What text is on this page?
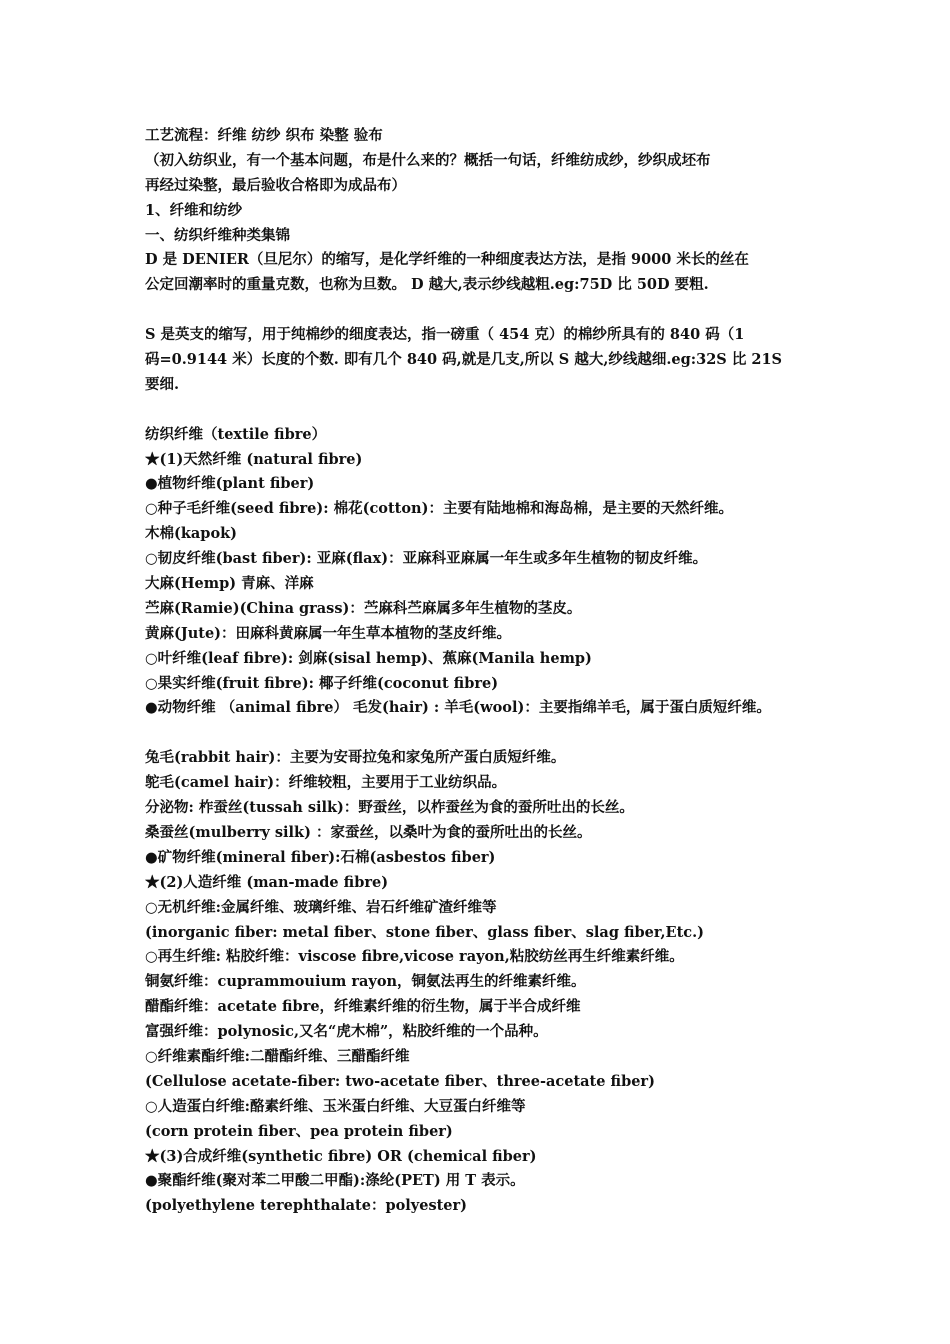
工艺流程：纤维 纺纱 织布 染整 验布
（初入纺织业，有一个基本问题，布是什么来的？概括一句话，纤维纺成纱，纱织成坯布
再经过染整，最后验收合格即为成品布）
1、纤维和纺纱
一、纺织纤维种类集锦
D 是 DENIER（旦尼尔）的缩写，是化学纤维的一种细度表达方法，是指 9000 米长的丝在
公定回潮率时的重量克数，也称为旦数。 D 越大,表示纱线越粗.eg:75D 比 50D 要粗.
S 是英支的缩写，用于纯棉纱的细度表达，指一磅重（ 454 克）的棉纱所具有的 840 码（1
码=0.9144 米）长度的个数. 即有几个 840 码,就是几支,所以 S 越大,纱线越细.eg:32S 比 21S
要细.
纺织纤维（textile fibre）
★(1)天然纤维 (natural fibre)
●植物纤维(plant fiber)
○种子毛纤维(seed fibre): 棉花(cotton)：主要有陆地棉和海岛棉，是主要的天然纤维。
木棉(kapok)
○韧皮纤维(bast fiber): 亚麻(flax)：亚麻科亚麻属一年生或多年生植物的韧皮纤维。
大麻(Hemp) 青麻、洋麻
苎麻(Ramie)(China grass)：苎麻科苎麻属多年生植物的茎皮。
黄麻(Jute)：田麻科黄麻属一年生草本植物的茎皮纤维。
○叶纤维(leaf fibre): 剑麻(sisal hemp)、蕉麻(Manila hemp)
○果实纤维(fruit fibre): 椰子纤维(coconut fibre)
●动物纤维 （animal fibre） 毛发(hair) : 羊毛(wool)：主要指绵羊毛，属于蛋白质短纤维。
兔毛(rabbit hair)：主要为安哥拉兔和家兔所产蛋白质短纤维。
鸵毛(camel hair)：纤维较粗，主要用于工业纺织品。
分泌物: 柞蚕丝(tussah silk)：野蚕丝，以柞蚕丝为食的蚕所吐出的长丝。
桑蚕丝(mulberry silk) ：家蚕丝，以桑叶为食的蚕所吐出的长丝。
●矿物纤维(mineral fiber):石棉(asbestos fiber)
★(2)人造纤维 (man-made fibre)
○无机纤维:金属纤维、玻璃纤维、岩石纤维矿渣纤维等
(inorganic fiber: metal fiber、stone fiber、glass fiber、slag fiber,Etc.)
○再生纤维: 粘胶纤维：viscose fibre,vicose rayon,粘胶纺丝再生纤维素纤维。
铜氨纤维：cuprammouium rayon，铜氨法再生的纤维素纤维。
醋酯纤维：acetate fibre，纤维素纤维的衍生物，属于半合成纤维
富强纤维：polynosic,又名“虎木棉”，粘胶纤维的一个品种。
○纤维素酯纤维:二醋酯纤维、三醋酯纤维
(Cellulose acetate-fiber: two-acetate fiber、three-acetate fiber)
○人造蛋白纤维:酪素纤维、玉米蛋白纤维、大豆蛋白纤维等
(corn protein fiber、pea protein fiber)
★(3)合成纤维(synthetic fibre) OR (chemical fiber)
●聚酯纤维(聚对苯二甲酸二甲酯):涤纶(PET) 用 T 表示。
(polyethylene terephthalate：polyester)
